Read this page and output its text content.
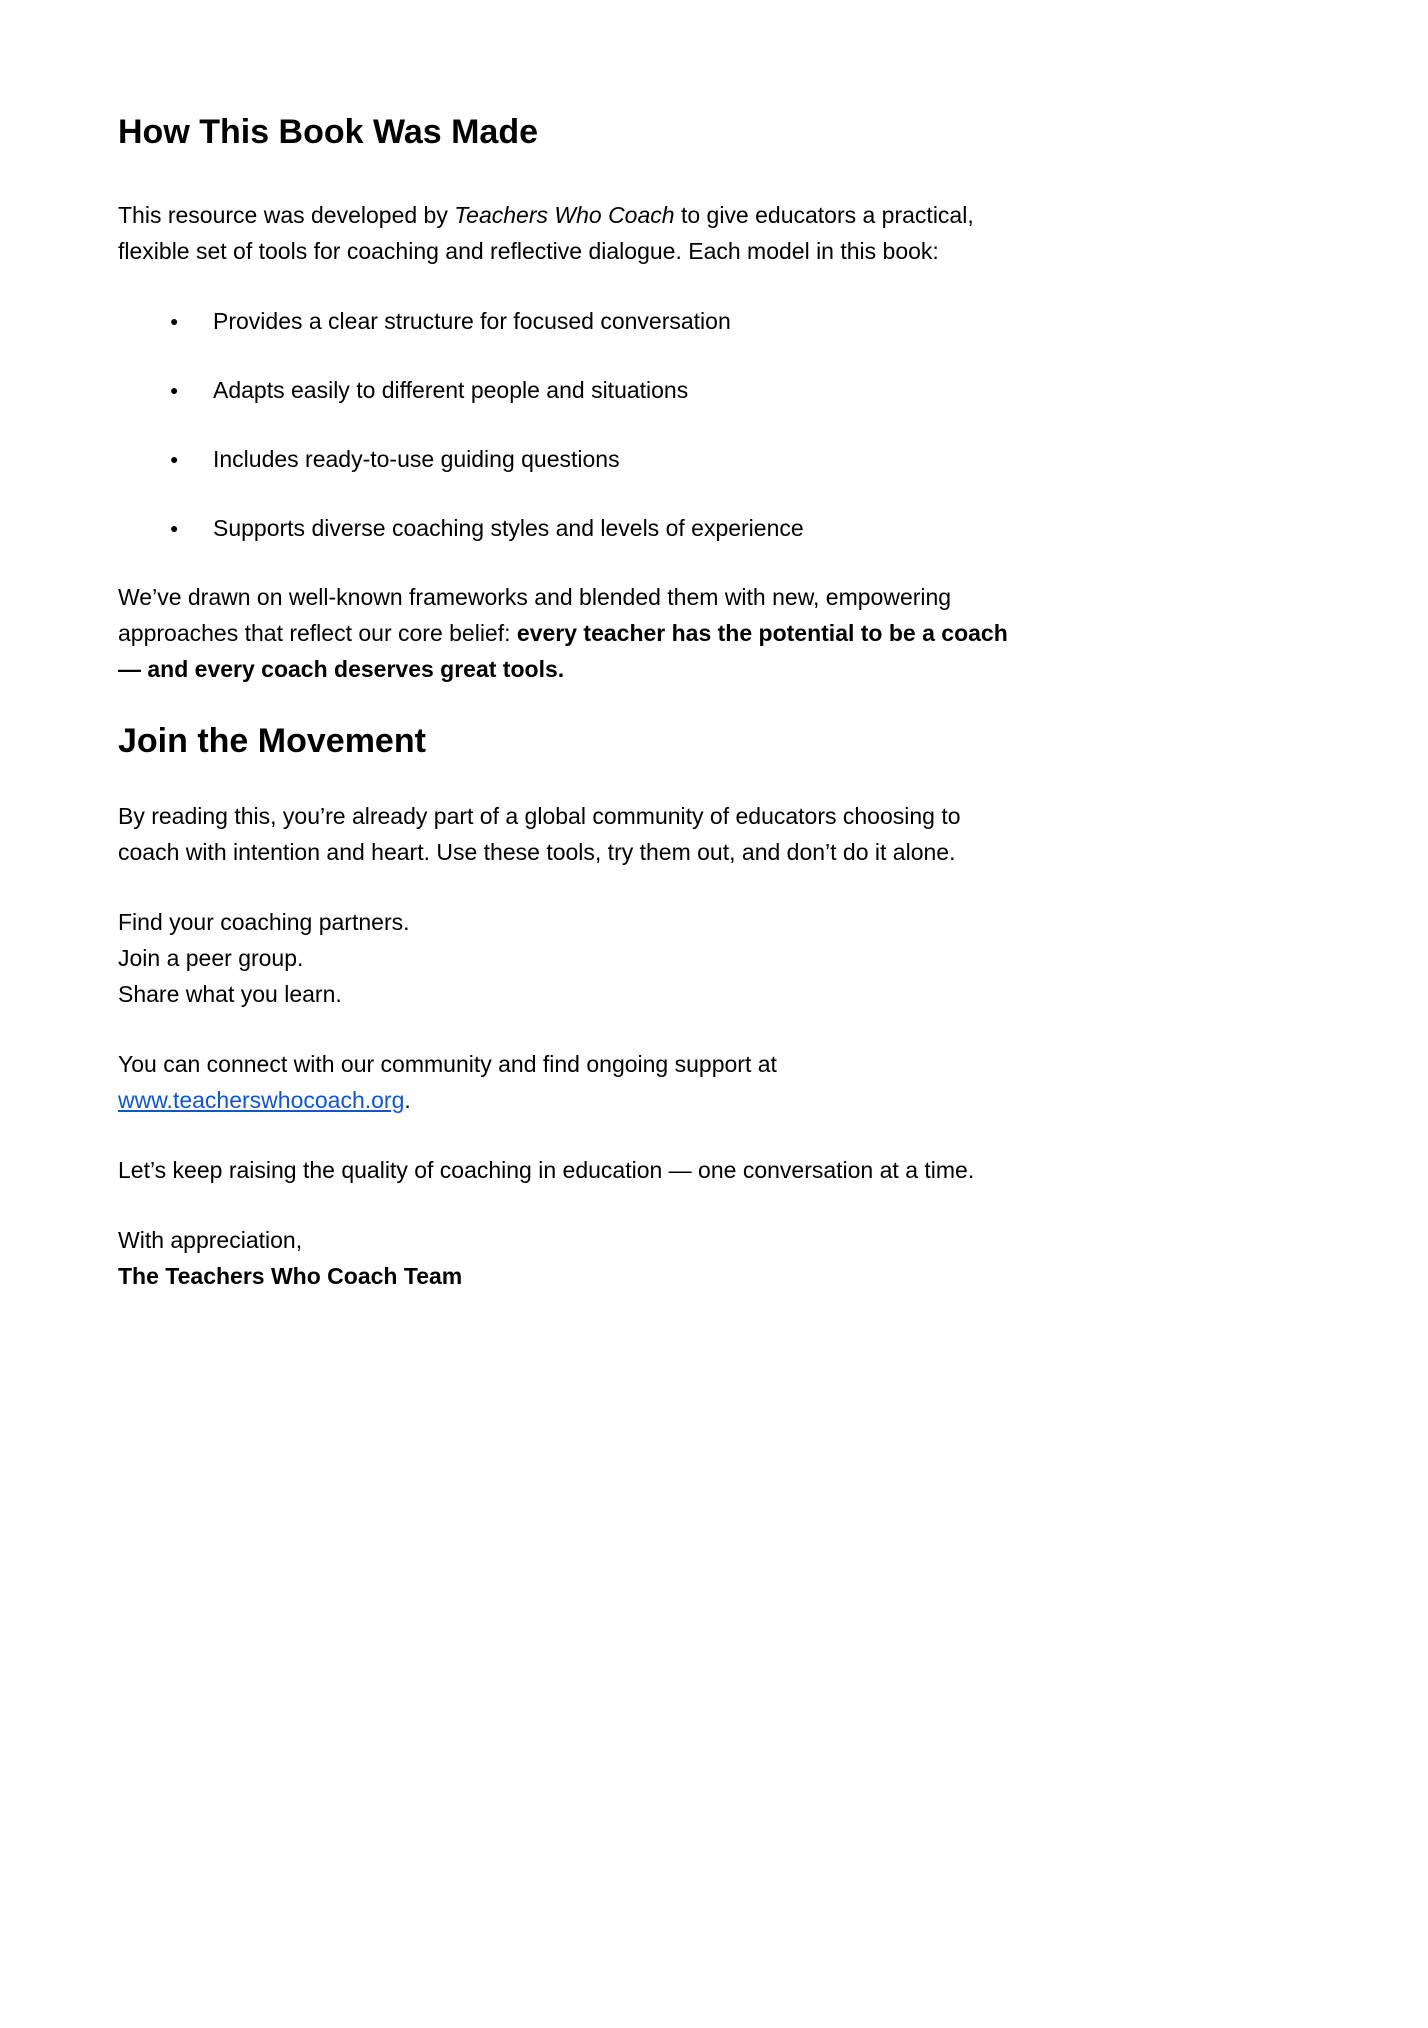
How This Book Was Made

This resource was developed by Teachers Who Coach to give educators a practical, flexible set of tools for coaching and reflective dialogue. Each model in this book:

●	Provides a clear structure for focused conversation
●	Adapts easily to different people and situations
●	Includes ready-to-use guiding questions
●	Supports diverse coaching styles and levels of experience

We’ve drawn on well-known frameworks and blended them with new, empowering approaches that reflect our core belief: every teacher has the potential to be a coach — and every coach deserves great tools.

Join the Movement

By reading this, you’re already part of a global community of educators choosing to coach with intention and heart. Use these tools, try them out, and don’t do it alone.

Find your coaching partners.
Join a peer group.
Share what you learn.

You can connect with our community and find ongoing support at www.teacherswhocoach.org.

Let’s keep raising the quality of coaching in education — one conversation at a time.

With appreciation,
The Teachers Who Coach Team
